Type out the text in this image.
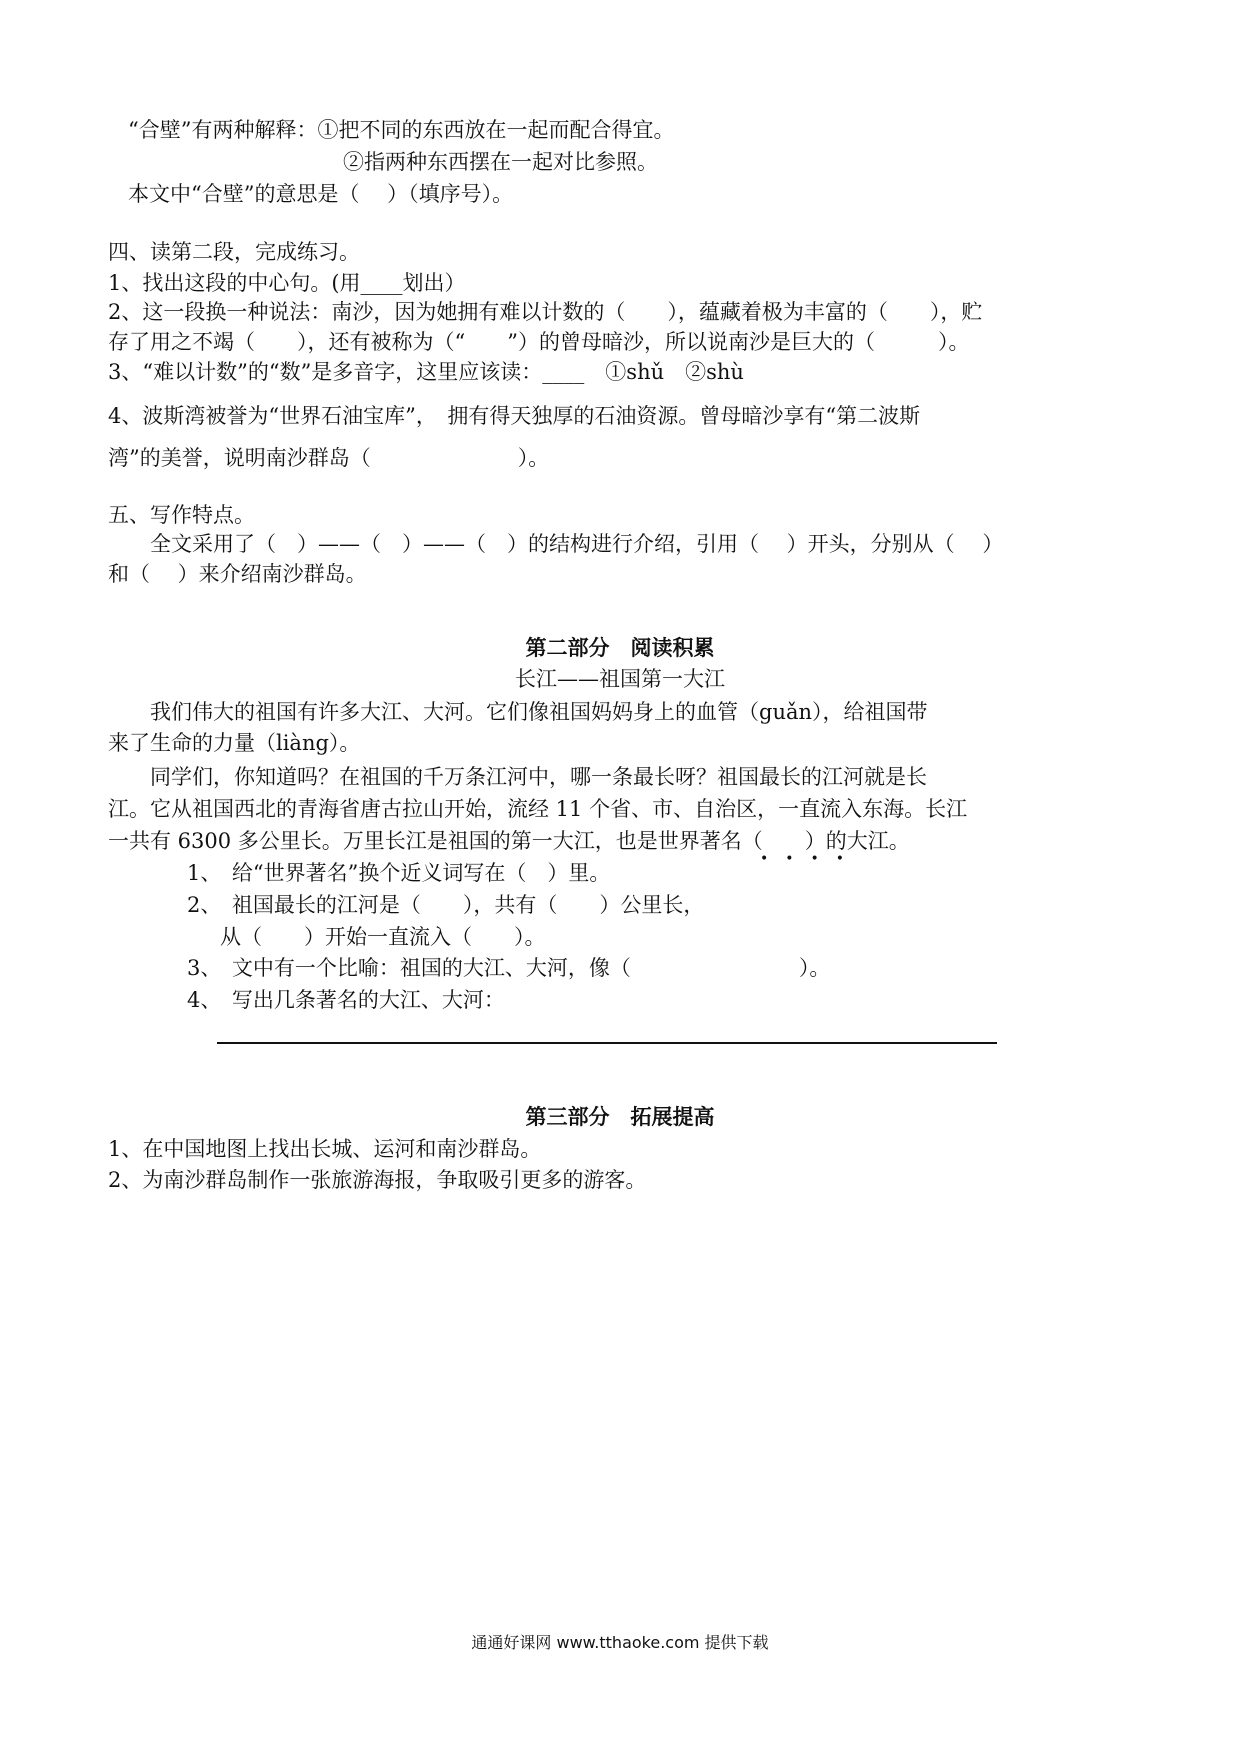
“合壁”有两种解释：①把不同的东西放在一起而配合得宜。
②指两种东西摆在一起对比参照。
本文中“合壁”的意思是（　 ）（填序号）。
四、读第二段，完成练习。
1、找出这段的中心句。(用____划出）
2、这一段换一种说法：南沙，因为她拥有难以计数的（　　），蕴藏着极为丰富的（　　），贮
存了用之不竭（　　），还有被称为（“　　”）的曾母暗沙，所以说南沙是巨大的（　　　）。
3、“难以计数”的“数”是多音字，这里应该读：____　①shǔ　②shù
4、波斯湾被誉为“世界石油宝库”，　拥有得天独厚的石油资源。曾母暗沙享有“第二波斯
湾”的美誉，说明南沙群岛（　　　　　　　）。
五、写作特点。
全文采用了（　）——（　）——（　）的结构进行介绍，引用（　 ）开头，分别从（　 ）
和（　 ）来介绍南沙群岛。
第二部分　阅读积累
长江——祖国第一大江
我们伟大的祖国有许多大江、大河。它们像祖国妈妈身上的血管（guǎn），给祖国带
来了生命的力量（liàng）。
同学们，你知道吗？在祖国的千万条江河中，哪一条最长呀？祖国最长的江河就是长
江。它从祖国西北的青海省唐古拉山开始，流经 11 个省、市、自治区，一直流入东海。长江
一共有 6300 多公里长。万里长江是祖国的第一大江，也是世界著名（　　）的大江。
••••
1、　给“世界著名”换个近义词写在（　）里。
2、　祖国最长的江河是（　　），共有（　　）公里长，
从（　　）开始一直流入（　　）。
3、　文中有一个比喻：祖国的大江、大河，像（　　　　　　　　）。
4、　写出几条著名的大江、大河：
第三部分　拓展提高
1、在中国地图上找出长城、运河和南沙群岛。
2、为南沙群岛制作一张旅游海报，争取吸引更多的游客。
通通好课网 www.tthaoke.com 提供下载
